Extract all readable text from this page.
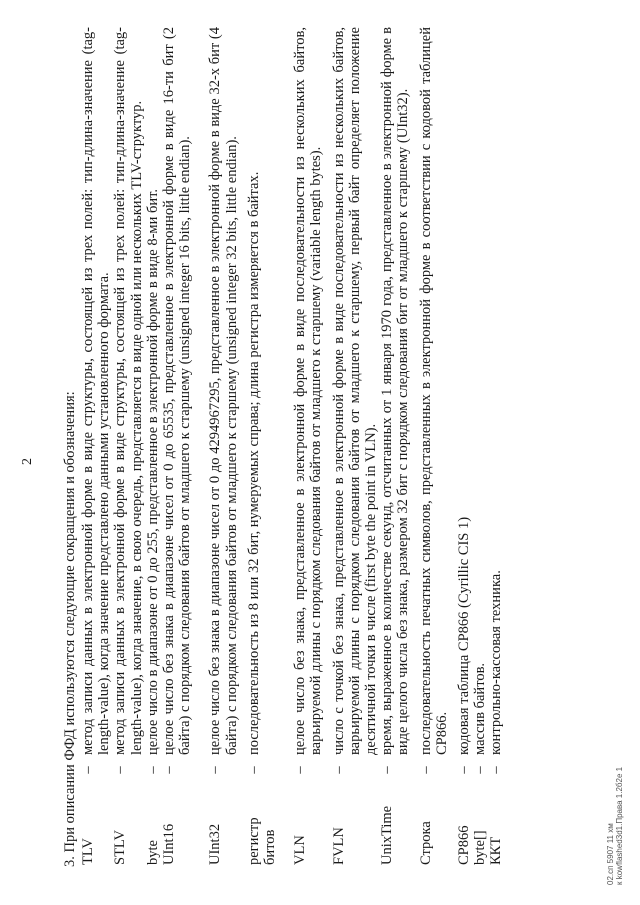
2 3. При описании ФФД используются следующие сокращения и обозначения: TLV
–
метод записи данных в электронной форме в виде структуры, состоящей из трех полей: тип-длина-значение (tag-length-value), когда значение представлено данными установленного формата.
STLV
–
метод записи данных в электронной форме в виде структуры, состоящей из трех полей: тип-длина-значение (tag-length-value), когда значение, в свою очередь, представляется в виде одной или нескольких TLV-структур.
byte
–
целое число в диапазоне от 0 до 255, представленное в электронной форме в виде 8-ми бит.
UInt16
–
целое число без знака в диапазоне чисел от 0 до 65535, представленное в электронной форме в виде 16-ти бит (2 байта) с порядком следования байтов от младшего к старшему (unsigned integer 16 bits, little endian).
UInt32
–
целое число без знака в диапазоне чисел от 0 до 4294967295, представленное в электронной форме в виде 32-х бит (4 байта) с порядком следования байтов от младшего к старшему (unsigned integer 32 bits, little endian).
регистр битов
–
последовательность из 8 или 32 бит, нумеруемых справа; длина регистра измеряется в байтах.
VLN
–
целое число без знака, представленное в электронной форме в виде последовательности из нескольких байтов, варьируемой длины с порядком следования байтов от младшего к старшему (variable length bytes).
FVLN
–
число с точкой без знака, представленное в электронной форме в виде последовательности из нескольких байтов, варьируемой длины с порядком следования байтов от младшего к старшему, первый байт определяет положение десятичной точки в числе (first byte the point in VLN).
UnixTime
–
время, выраженное в количестве секунд, отсчитанных от 1 января 1970 года, представленное в электронной форме в виде целого числа без знака, размером 32 бит с порядком следования бит от младшего к старшему (UInt32).
Строка
–
последовательность печатных символов, представленных в электронной форме в соответствии с кодовой таблицей CP866.
CP866
–
кодовая таблица CP866 (Cyrillic CIS 1)
byte[]
–
массив байтов.
ККТ
–
контрольно-кассовая техника.
02.сп 5907 11 хм к kowflashed3d1.Права 1.2б2е 1
